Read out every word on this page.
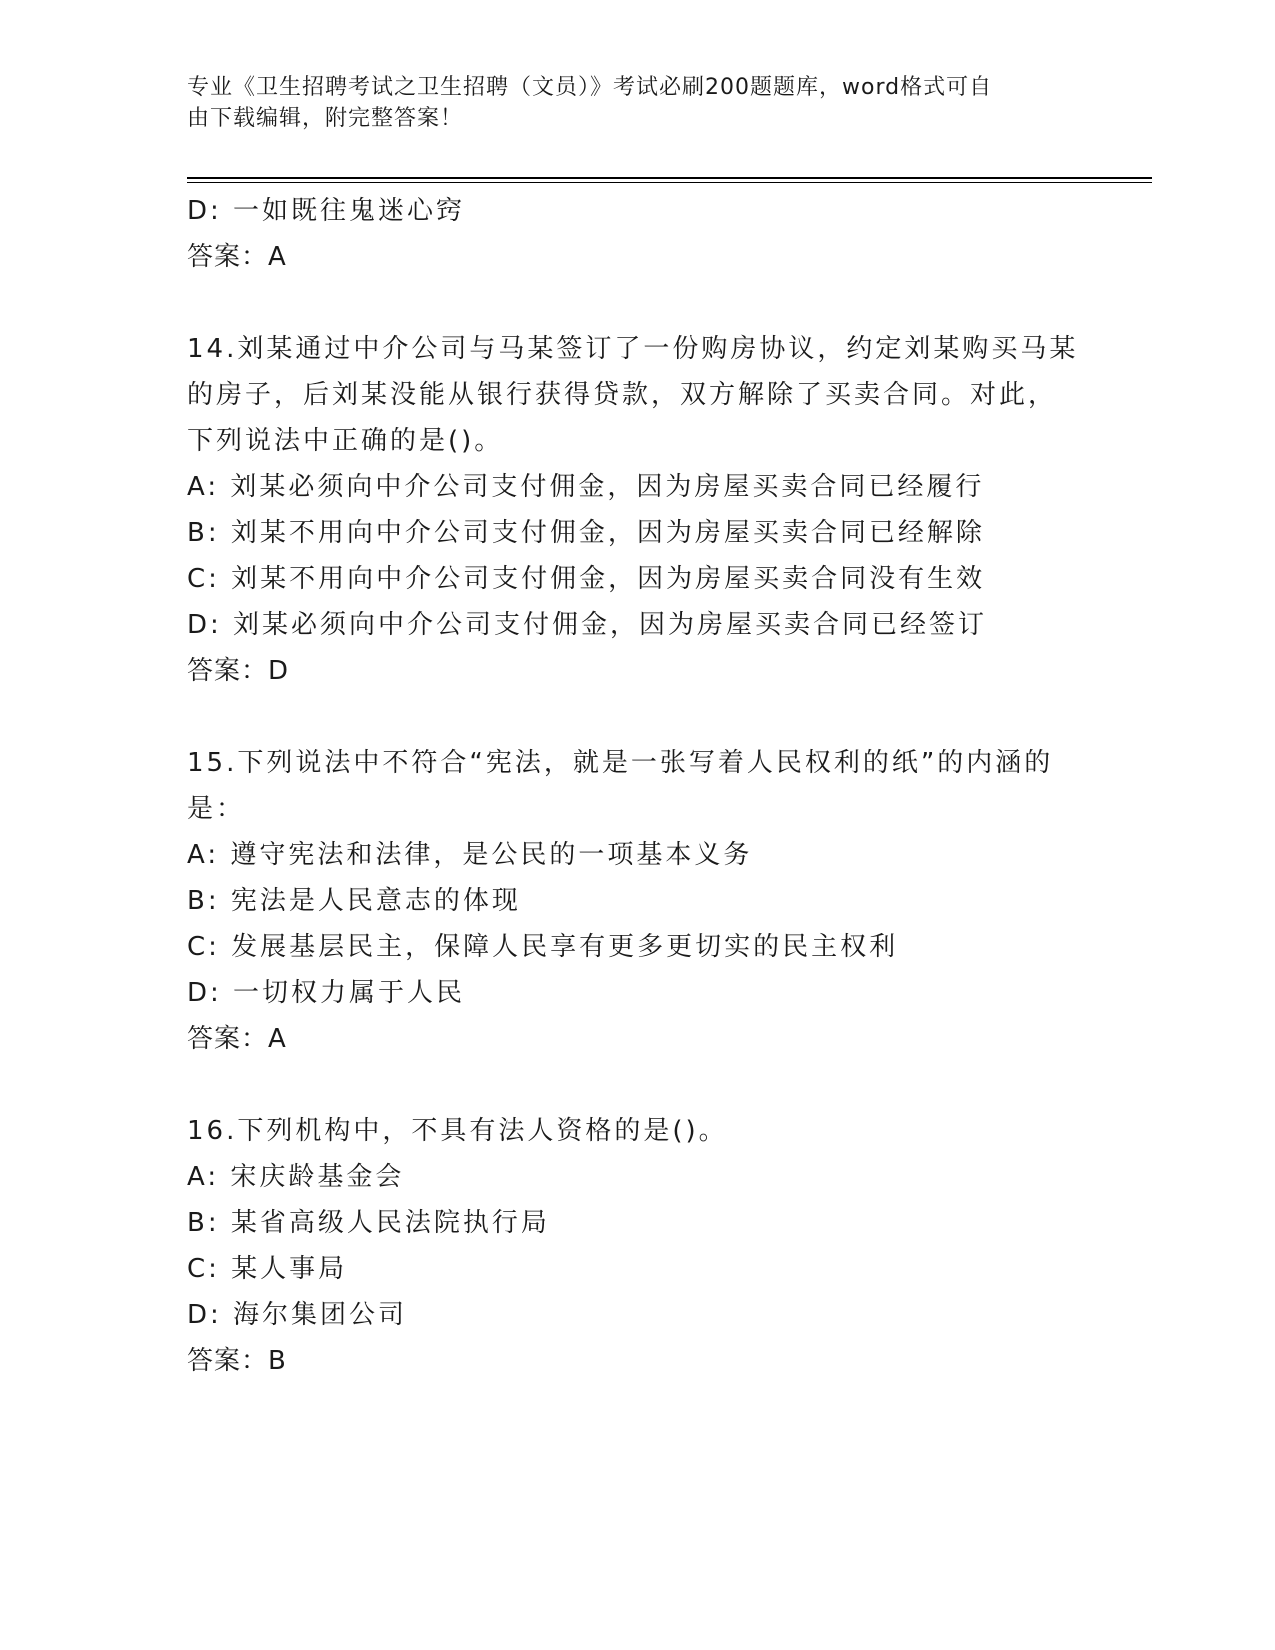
专业《卫生招聘考试之卫生招聘（文员）》考试必刷200题题库，word格式可自
由下载编辑，附完整答案！
D: 一如既往鬼迷心窍
答案：A
14.刘某通过中介公司与马某签订了一份购房协议，约定刘某购买马某
的房子，后刘某没能从银行获得贷款，双方解除了买卖合同。对此，
下列说法中正确的是()。
A: 刘某必须向中介公司支付佣金，因为房屋买卖合同已经履行
B: 刘某不用向中介公司支付佣金，因为房屋买卖合同已经解除
C: 刘某不用向中介公司支付佣金，因为房屋买卖合同没有生效
D: 刘某必须向中介公司支付佣金，因为房屋买卖合同已经签订
答案：D
15.下列说法中不符合“宪法，就是一张写着人民权利的纸”的内涵的
是：
A: 遵守宪法和法律，是公民的一项基本义务
B: 宪法是人民意志的体现
C: 发展基层民主，保障人民享有更多更切实的民主权利
D: 一切权力属于人民
答案：A
16.下列机构中，不具有法人资格的是()。
A: 宋庆龄基金会
B: 某省高级人民法院执行局
C: 某人事局
D: 海尔集团公司
答案：B
